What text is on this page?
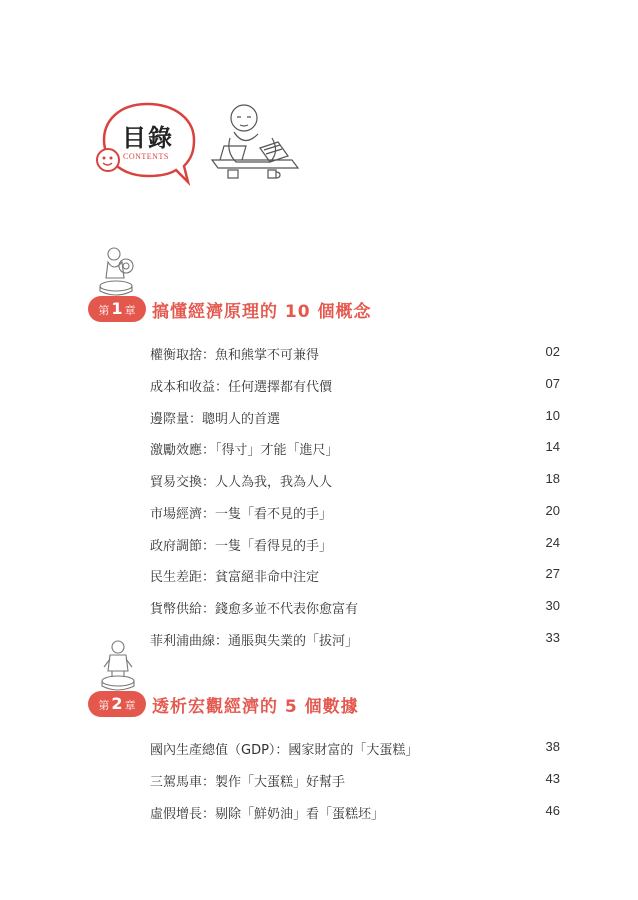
目錄
CONTENTS
第 1 章 搞懂經濟原理的 10 個概念
權衡取捨：魚和熊掌不可兼得	02
成本和收益：任何選擇都有代價	07
邊際量：聰明人的首選	10
激勵效應：「得寸」才能「進尺」	14
貿易交換：人人為我，我為人人	18
市場經濟：一隻「看不見的手」	20
政府調節：一隻「看得見的手」	24
民生差距：貧富絕非命中注定	27
貨幣供給：錢愈多並不代表你愈富有	30
菲利浦曲線：通脹與失業的「拔河」	33
第 2 章 透析宏觀經濟的 5 個數據
國內生產總值（GDP）：國家財富的「大蛋糕」	38
三駕馬車：製作「大蛋糕」好幫手	43
虛假增長：剔除「鮮奶油」看「蛋糕坯」	46
